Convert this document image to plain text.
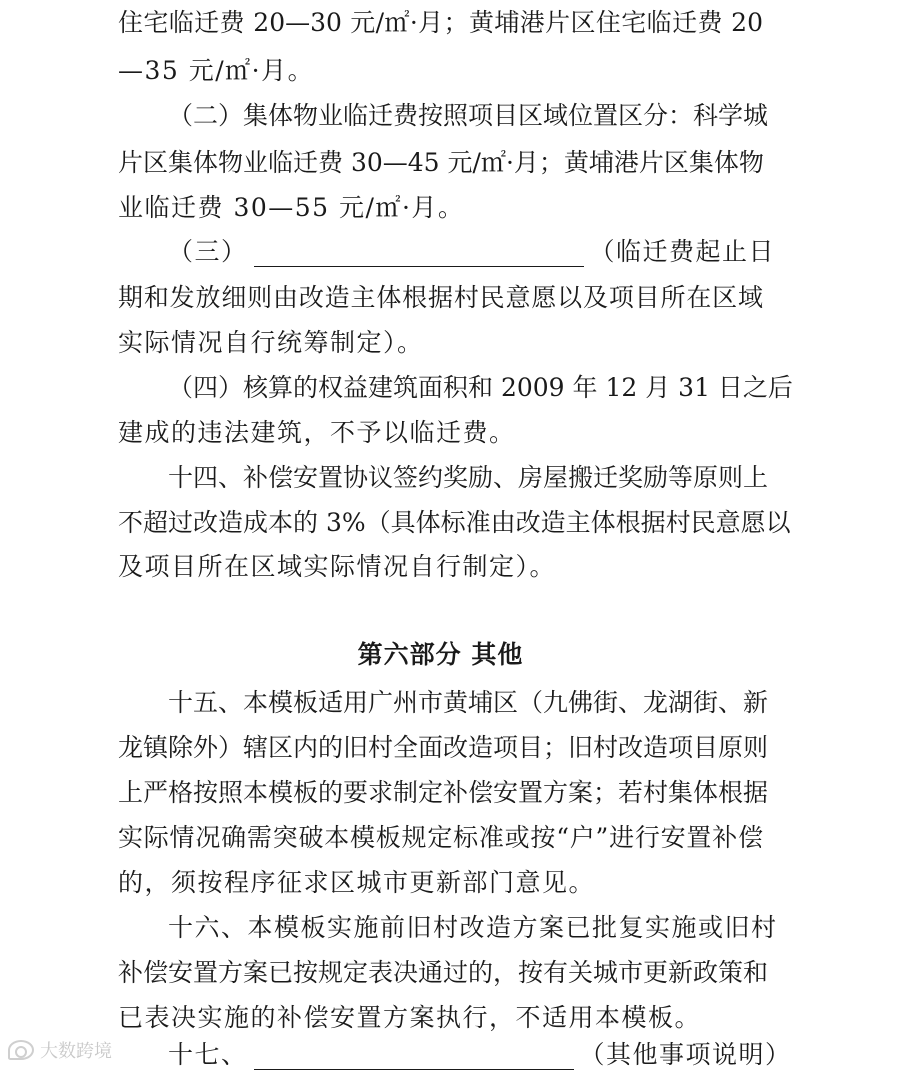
住宅临迁费 20—30 元/㎡·月；黄埔港片区住宅临迁费 20
—35 元/㎡·月。
（二）集体物业临迁费按照项目区域位置区分：科学城
片区集体物业临迁费 30—45 元/㎡·月；黄埔港片区集体物
业临迁费 30—55 元/㎡·月。
（三）	（临迁费起止日
期和发放细则由改造主体根据村民意愿以及项目所在区域
实际情况自行统筹制定）。
（四）核算的权益建筑面积和 2009 年 12 月 31 日之后
建成的违法建筑，不予以临迁费。
十四、补偿安置协议签约奖励、房屋搬迁奖励等原则上
不超过改造成本的 3%（具体标准由改造主体根据村民意愿以
及项目所在区域实际情况自行制定）。
第六部分 其他
十五、本模板适用广州市黄埔区（九佛街、龙湖街、新
龙镇除外）辖区内的旧村全面改造项目；旧村改造项目原则
上严格按照本模板的要求制定补偿安置方案；若村集体根据
实际情况确需突破本模板规定标准或按“户”进行安置补偿
的，须按程序征求区城市更新部门意见。
十六、本模板实施前旧村改造方案已批复实施或旧村
补偿安置方案已按规定表决通过的，按有关城市更新政策和
已表决实施的补偿安置方案执行，不适用本模板。
十七、	（其他事项说明）
大数跨境
